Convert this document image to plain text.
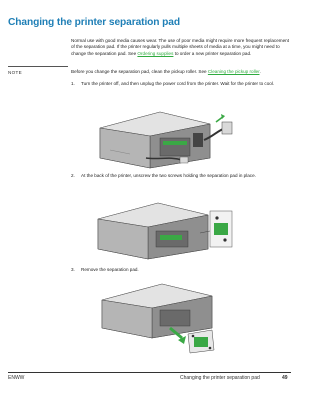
Changing the printer separation pad
Normal use with good media causes wear. The use of poor media might require more frequent replacement of the separation pad. If the printer regularly pulls multiple sheets of media at a time, you might need to change the separation pad. See Ordering supplies to order a new printer separation pad.
NOTE	Before you change the separation pad, clean the pickup roller. See Cleaning the pickup roller.
1. Turn the printer off, and then unplug the power cord from the printer. Wait for the printer to cool.
2. At the back of the printer, unscrew the two screws holding the separation pad in place.
3. Remove the separation pad.
ENWW	Changing the printer separation pad	49
